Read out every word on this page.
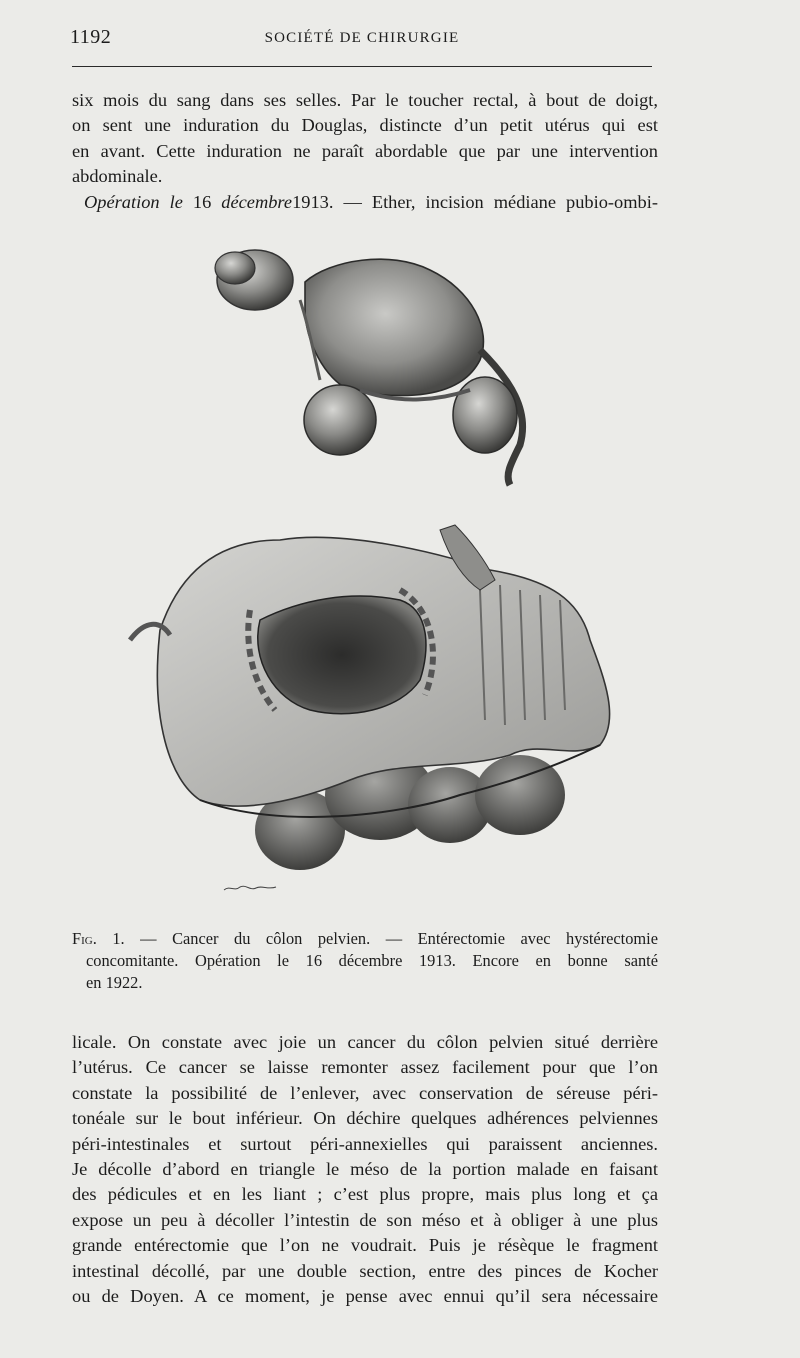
1192	SOCIÉTÉ DE CHIRURGIE
six mois du sang dans ses selles. Par le toucher rectal, à bout de doigt,
on sent une induration du Douglas, distincte d’un petit utérus qui est
en avant. Cette induration ne paraît abordable que par une intervention
abdominale.
Opération le 16 décembre1913. — Ether, incision médiane pubio-ombi-
Fig. 1. — Cancer du côlon pelvien. — Entérectomie avec hystérectomie
concomitante. Opération le 16 décembre 1913. Encore en bonne santé
en 1922.
licale. On constate avec joie un cancer du côlon pelvien situé derrière
l’utérus. Ce cancer se laisse remonter assez facilement pour que l’on
constate la possibilité de l’enlever, avec conservation de séreuse péri-
tonéale sur le bout inférieur. On déchire quelques adhérences pelviennes
péri-intestinales et surtout péri-annexielles qui paraissent anciennes.
Je décolle d’abord en triangle le méso de la portion malade en faisant
des pédicules et en les liant ; c’est plus propre, mais plus long et ça
expose un peu à décoller l’intestin de son méso et à obliger à une plus
grande entérectomie que l’on ne voudrait. Puis je résèque le fragment
intestinal décollé, par une double section, entre des pinces de Kocher
ou de Doyen. A ce moment, je pense avec ennui qu’il sera nécessaire
